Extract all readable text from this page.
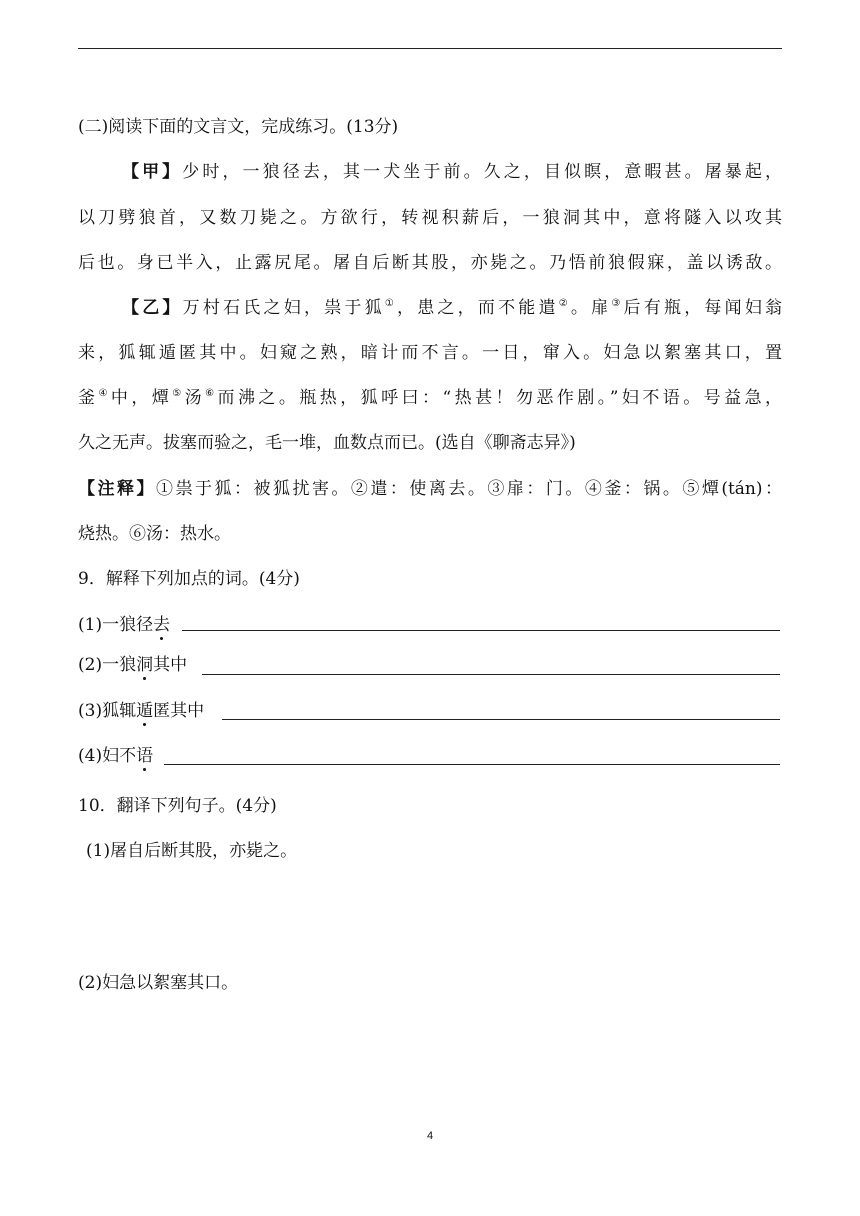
(二)阅读下面的文言文，完成练习。(13分)
【甲】少时，一狼径去，其一犬坐于前。久之，目似瞑，意暇甚。屠暴起，
以刀劈狼首，又数刀毙之。方欲行，转视积薪后，一狼洞其中，意将隧入以攻其
后也。身已半入，止露尻尾。屠自后断其股，亦毙之。乃悟前狼假寐，盖以诱敌。
【乙】万村石氏之妇，祟于狐①，患之，而不能遣②。扉③后有瓶，每闻妇翁
来，狐辄遁匿其中。妇窥之熟，暗计而不言。一日，窜入。妇急以絮塞其口，置
釜④中，燂⑤汤⑥而沸之。瓶热，狐呼曰：“热甚！勿恶作剧。”妇不语。号益急，
久之无声。拔塞而验之，毛一堆，血数点而已。(选自《聊斋志异》)
【注释】①祟于狐：被狐扰害。②遣：使离去。③扉：门。④釜：锅。⑤燂(tán)：
烧热。⑥汤：热水。
9．解释下列加点的词。(4分)
(1)一狼径去
(2)一狼洞其中
(3)狐辄遁匿其中
(4)妇不语
10．翻译下列句子。(4分)
(1)屠自后断其股，亦毙之。
(2)妇急以絮塞其口。
4
